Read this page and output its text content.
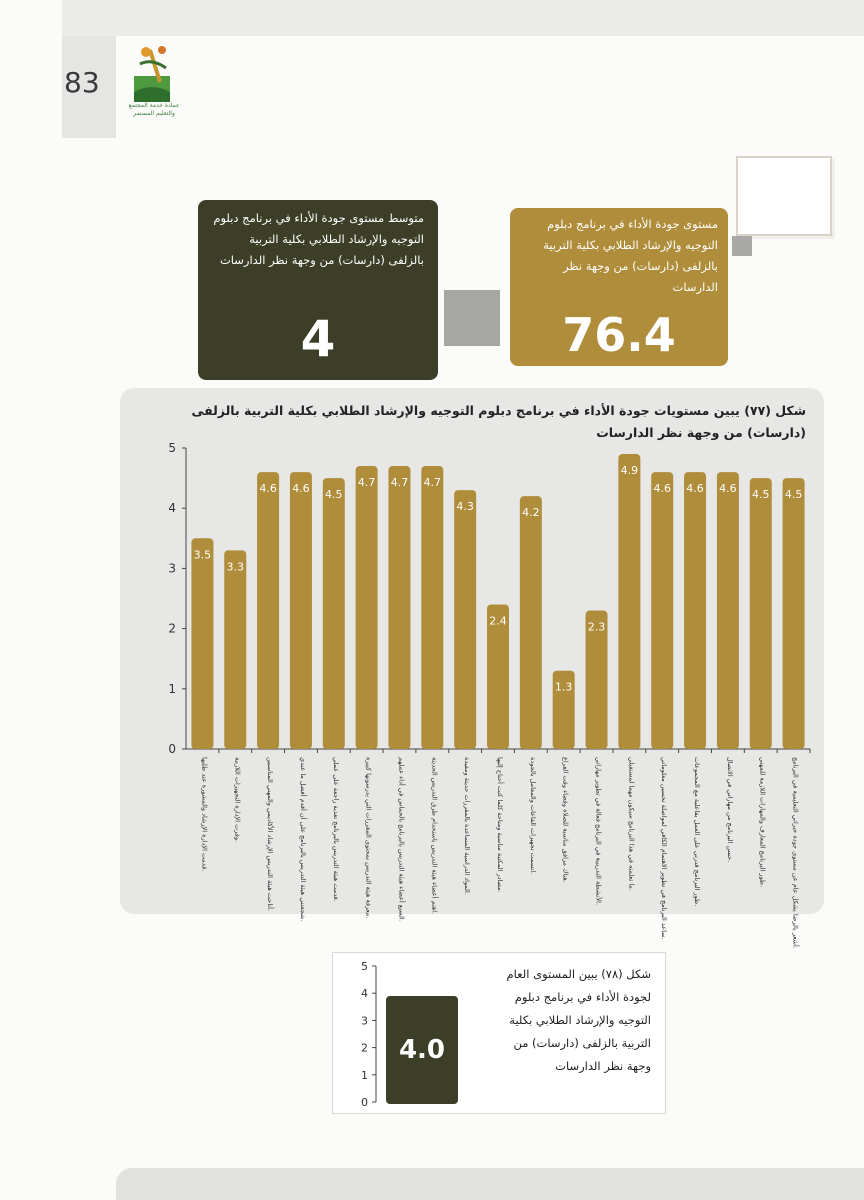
83
عمادة خدمة المجتمع
والتعليم المستمر
مستوى جودة الأداء في برنامج دبلوم التوجيه والإرشاد الطلابي بكلية التربية بالزلفى (دارسات) من وجهة نظر الدارسات
76.4
متوسط مستوى جودة الأداء في برنامج دبلوم التوجيه والإرشاد الطلابي بكلية التربية بالزلفى (دارسات) من وجهة نظر الدارسات
4
شكل (٧٧) يبين مستويات جودة الأداء في برنامج دبلوم التوجيه والإرشاد الطلابي بكلية التربية بالزلفى (دارسات) من وجهة نظر الدارسات
0
1
2
3
4
5
3.5
قدمت الإدارة الإرشاد والمشورة عند طلبها.
3.3
وفرت الإدارة التجهيزات اللازمة.
4.6
أتاحت هيئة التدريس الإرشاد الأكاديمي والمهني المناسبين.
4.6
شجعتني هيئة التدريس بالبرنامج على أن أقدم أفضل ما عندي.
4.5
قدمت هيئة التدريس بالبرنامج تغذية راجعة على عملي.
4.7
معرفة هيئة التدريس بمحتوى المقررات التي يدرسونها كبيرة.
4.7
السبع أعضاء هيئة التدريس بالبرنامج بالحماس في أداء عملهم.
4.7
اهتم أعضاء هيئة التدريس باستخدام طرق التدريس الحديثة.
4.3
المواد الدراسية المساعدة بالمقررات حديثة ومفيدة.
2.4
مصادر المكتبة مناسبة ومتاحة كلما كنت أحتاج إليها.
4.2
اتسمت تجهيزات القاعات والمعامل بالجودة.
1.3
هناك مرافق مناسبة للصلاة وقضاء وقت الفراغ.
2.3
الأنشطة التدريبية في البرنامج فعالة في تطوير مهاراتي.
4.9
ما تعلمته في هذا البرنامج سيكون مهما لمستقبلي.
4.6
ساعد البرنامج في تطوير الاهتمام الكافي لمواصلة تحسين معلوماتي.
4.6
طور البرنامج قدرتي على العمل بفاعلية مع المجموعات.
4.6
حسن البرنامج من مهاراتي في الاتصال.
4.5
طور البرنامج المعارف والمهارات اللازمة للمهني.
4.5
أشعر بالرضا بشكل عام عن مستوى جودة خبراتي التعليمية في البرنامج.
شكل (٧٨) يبين المستوى العام لجودة الأداء في برنامج دبلوم التوجيه والإرشاد الطلابي بكلية التربية بالزلفى (دارسات) من وجهة نظر الدارسات
0
1
2
3
4
5
4.0
